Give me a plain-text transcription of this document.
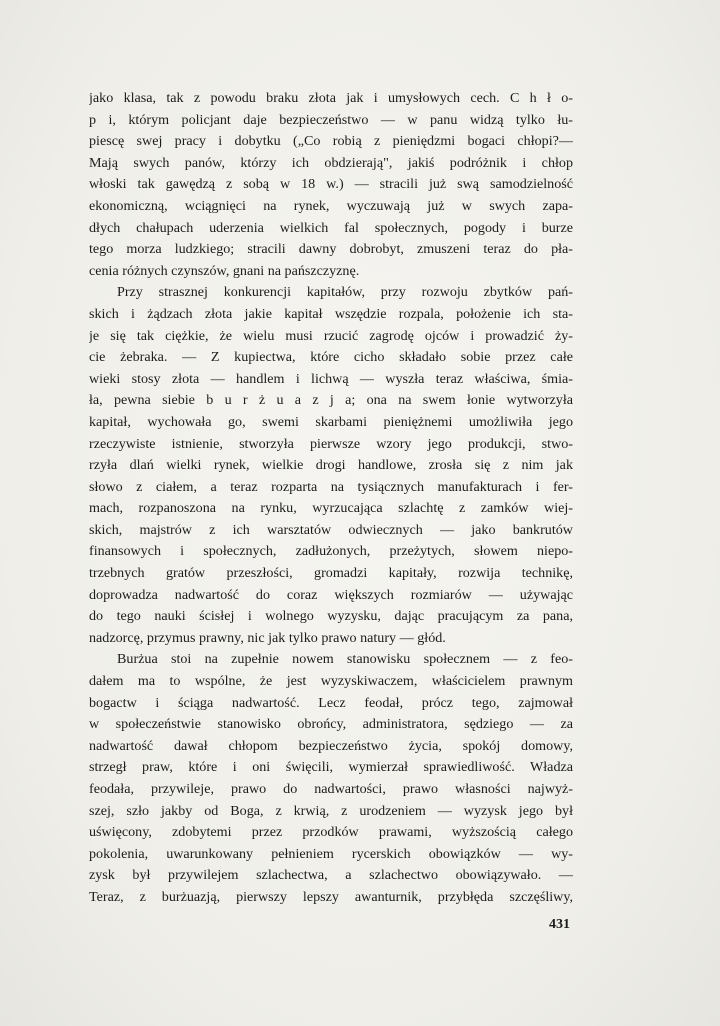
jako klasa, tak z powodu braku złota jak i umysłowych cech. C h ł o-
p i, którym policjant daje bezpieczeństwo — w panu widzą tylko łu-
piescę swej pracy i dobytku („Co robią z pieniędzmi bogaci chłopi?—
Mają swych panów, którzy ich obdzierają", jakiś podróżnik i chłop
włoski tak gawędzą z sobą w 18 w.) — stracili już swą samodzielność
ekonomiczną, wciągnięci na rynek, wyczuwają już w swych zapa-
dłych chałupach uderzenia wielkich fal społecznych, pogody i burze
tego morza ludzkiego; stracili dawny dobrobyt, zmuszeni teraz do pła-
cenia różnych czynszów, gnani na pańszczyznę.
Przy strasznej konkurencji kapitałów, przy rozwoju zbytków pań-
skich i żądzach złota jakie kapitał wszędzie rozpala, położenie ich sta-
je się tak ciężkie, że wielu musi rzucić zagrodę ojców i prowadzić ży-
cie żebraka. — Z kupiectwa, które cicho składało sobie przez całe
wieki stosy złota — handlem i lichwą — wyszła teraz właściwa, śmia-
ła, pewna siebie b u r ż u a z j a; ona na swem łonie wytworzyła
kapitał, wychowała go, swemi skarbami pieniężnemi umożliwiła jego
rzeczywiste istnienie, stworzyła pierwsze wzory jego produkcji, stwo-
rzyła dlań wielki rynek, wielkie drogi handlowe, zrosła się z nim jak
słowo z ciałem, a teraz rozparta na tysiącznych manufakturach i fer-
mach, rozpanoszona na rynku, wyrzucająca szlachtę z zamków wiej-
skich, majstrów z ich warsztatów odwiecznych — jako bankrutów
finansowych i społecznych, zadłużonych, przeżytych, słowem niepo-
trzebnych gratów przeszłości, gromadzi kapitały, rozwija technikę,
doprowadza nadwartość do coraz większych rozmiarów — używając
do tego nauki ścisłej i wolnego wyzysku, dając pracującym za pana,
nadzorcę, przymus prawny, nic jak tylko prawo natury — głód.
Burżua stoi na zupełnie nowem stanowisku społecznem — z feo-
dałem ma to wspólne, że jest wyzyskiwaczem, właścicielem prawnym
bogactw i ściąga nadwartość. Lecz feodał, prócz tego, zajmował
w społeczeństwie stanowisko obrońcy, administratora, sędziego — za
nadwartość dawał chłopom bezpieczeństwo życia, spokój domowy,
strzegł praw, które i oni święcili, wymierzał sprawiedliwość. Władza
feodała, przywileje, prawo do nadwartości, prawo własności najwyż-
szej, szło jakby od Boga, z krwią, z urodzeniem — wyzysk jego był
uświęcony, zdobytemi przez przodków prawami, wyższością całego
pokolenia, uwarunkowany pełnieniem rycerskich obowiązków — wy-
zysk był przywilejem szlachectwa, a szlachectwo obowiązywało. —
Teraz, z burżuazją, pierwszy lepszy awanturnik, przybłęda szczęśliwy,
431
